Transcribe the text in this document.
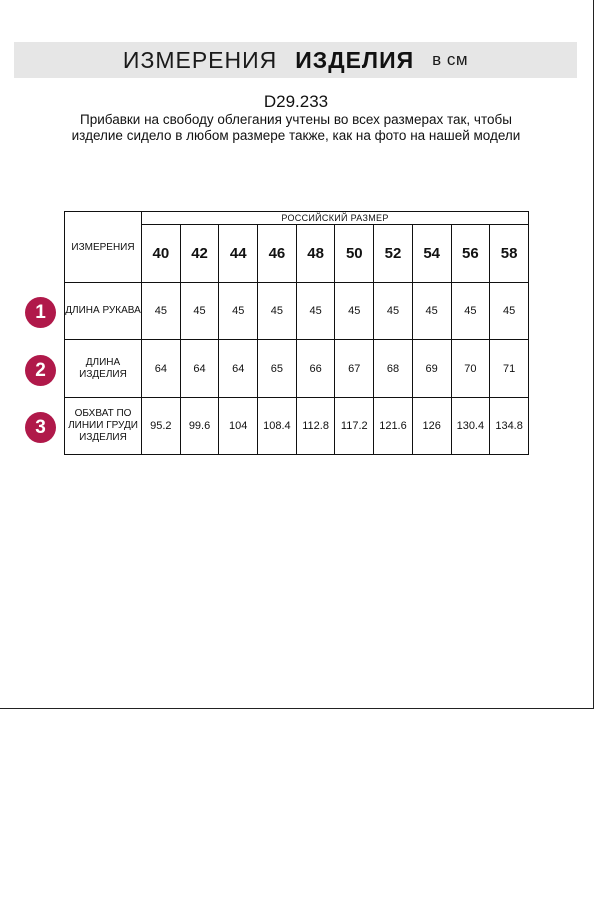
ИЗМЕРЕНИЯ ИЗДЕЛИЯ в см
D29.233
Прибавки на свободу облегания учтены во всех размерах так, чтобы изделие сидело в любом размере также, как на фото на нашей модели
1
2
3
ИЗМЕРЕНИЯ	РОССИЙСКИЙ РАЗМЕР									
	40	42	44	46	48	50	52	54	56	58
ДЛИНА РУКАВА	45	45	45	45	45	45	45	45	45	45
ДЛИНА ИЗДЕЛИЯ	64	64	64	65	66	67	68	69	70	71
ОБХВАТ ПО ЛИНИИ ГРУДИ ИЗДЕЛИЯ	95.2	99.6	104	108.4	112.8	117.2	121.6	126	130.4	134.8
